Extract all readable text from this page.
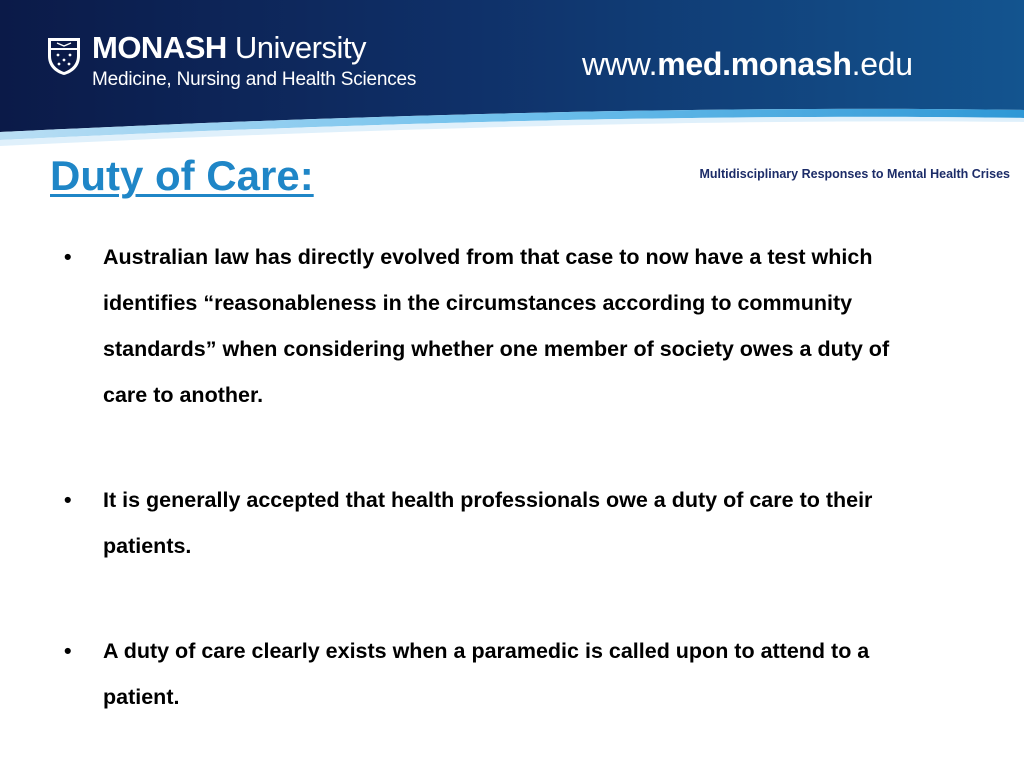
MONASH University
Medicine, Nursing and Health Sciences	www.med.monash.edu
Duty of Care:	Multidisciplinary Responses to Mental Health Crises
• Australian law has directly evolved from that case to now have a test which identifies “reasonableness in the circumstances according to community standards” when considering whether one member of society owes a duty of care to another.
• It is generally accepted that health professionals owe a duty of care to their patients.
• A duty of care clearly exists when a paramedic is called upon to attend to a patient.
